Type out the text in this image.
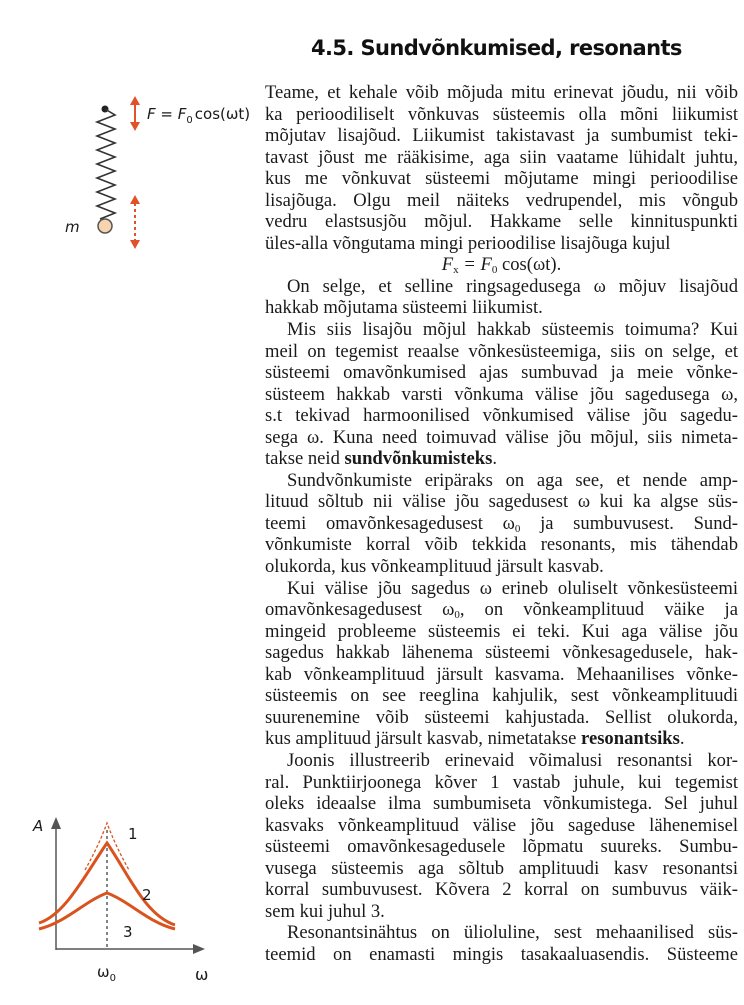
4.5. Sundvõnkumised, resonants
m
$F = F_0$ cos(ωt)
Teame, et kehale võib mõjuda mitu erinevat jõudu, nii võib
ka perioodiliselt võnkuvas süsteemis olla mõni liikumist
mõjutav lisajõud. Liikumist takistavast ja sumbumist teki-
tavast jõust me rääkisime, aga siin vaatame lühidalt juhtu,
kus me võnkuvat süsteemi mõjutame mingi perioodilise
lisajõuga. Olgu meil näiteks vedrupendel, mis võngub
vedru elastsusjõu mõjul. Hakkame selle kinnituspunkti
üles-alla võngutama mingi perioodilise lisajõuga kujul
$F_x = F_0$ cos(ωt).
On selge, et selline ringsagedusega ω mõjuv lisajõud
hakkab mõjutama süsteemi liikumist.
Mis siis lisajõu mõjul hakkab süsteemis toimuma? Kui
meil on tegemist reaalse võnkesüsteemiga, siis on selge, et
süsteemi omavõnkumised ajas sumbuvad ja meie võnke-
süsteem hakkab varsti võnkuma välise jõu sagedusega ω,
s.t tekivad harmoonilised võnkumised välise jõu sagedu-
sega ω. Kuna need toimuvad välise jõu mõjul, siis nimeta-
takse neid sundvõnkumisteks.
Sundvõnkumiste eripäraks on aga see, et nende amp-
lituud sõltub nii välise jõu sagedusest ω kui ka algse süs-
teemi omavõnkesagedusest $\omega_0$ ja sumbuvusest. Sund-
võnkumiste korral võib tekkida resonants, mis tähendab
olukorda, kus võnkeamplituud järsult kasvab.
Kui välise jõu sagedus ω erineb oluliselt võnkesüsteemi
omavõnkesagedusest $\omega_0$, on võnkeamplituud väike ja
mingeid probleeme süsteemis ei teki. Kui aga välise jõu
sagedus hakkab lähenema süsteemi võnkesagedusele, hak-
kab võnkeamplituud järsult kasvama. Mehaanilises võnke-
süsteemis on see reeglina kahjulik, sest võnkeamplituudi
suurenemine võib süsteemi kahjustada. Sellist olukorda,
kus amplituud järsult kasvab, nimetatakse resonantsiks.
Joonis illustreerib erinevaid võimalusi resonantsi kor-
ral. Punktiirjoonega kõver 1 vastab juhule, kui tegemist
oleks ideaalse ilma sumbumiseta võnkumistega. Sel juhul
kasvaks võnkeamplituud välise jõu sageduse lähenemisel
süsteemi omavõnkesagedusele lõpmatu suureks. Sumbu-
vusega süsteemis aga sõltub amplituudi kasv resonantsi
korral sumbuvusest. Kõvera 2 korral on sumbuvus väik-
sem kui juhul 3.
Resonantsinähtus on ülioluline, sest mehaanilised süs-
teemid on enamasti mingis tasakaaluasendis. Süsteeme
A
ω
$\omega_0$
1
2
3
